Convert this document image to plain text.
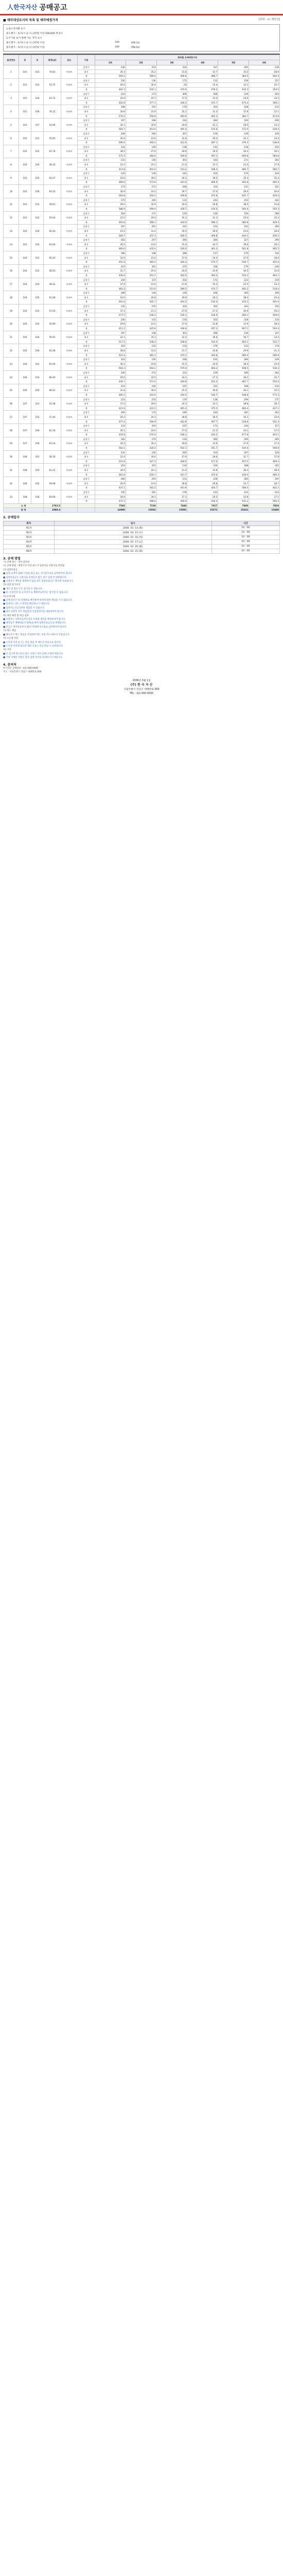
人한국자산 공매공고
■ 매각대상토지의 목록 및 매각예정가격	[단위 : ㎡, 백만원]
1.용도지역별 표시
용도별가 : 토지(시·군·구) 2만평 이상 500/400 부과시
2.주거용 토지 판매 가능 지역 표시
용도별가 : 토지(시·군·구) 2만평 이상	100	328.1㎡
용도별가 : 토지(시·군·구) 2만평 이상	200	798.0㎡
물건번호	동	호	면적(㎡)	용도	구분	회차별 공매예정가격					
						1회	2회	3회	4회	5회	6회
1	101	102	70.63	아파트	감정가	236	253	314	337	295	238
					최저	26.3	35.2	31.6	33.7	35.5	28.9
					계	500.2	580.4	406.6	486.7	384.5	504.4
2	101	103	53.72	아파트	감정가	150	136	175	132	159	157
					최저	26.6	36.4	20	35.4	33.2	20.7
					계	402.3	542.1	470.9	478.2	416.3	354.5
3	101	104	63.72	아파트	감정가	224	173	309	269	339	204
					최저	20.9	25.7	37.5	33.4	24.6	34.3
					계	452.8	577.1	436.2	472.7	475.4	396.1
4	101	106	76.22	아파트	감정가	198	255	179	303	328	214
					최저	30.8	25.9	35.1	31.3	37.8	22.1
					계	570.2	550.8	483.0	462.3	382.7	413.6
5	101	107	53.96	아파트	감정가	197	168	244	284	194	206
					최저	34.1	30.6	30.6	25.1	28.5	33.2
					계	583.7	453.6	405.4	515.6	372.0	528.4
6	102	101	55.85	아파트	감정가	256	266	307	159	149	149
					최저	30.4	23.6	32.9	29.4	32.1	24.3
					계	596.0	492.4	412.9	587.1	376.3	538.8
7	102	102	61.76	아파트	감정가	141	126	138	142	218	254
					최저	38.5	27.0	28.9	30.3	26.2	30.1
					계	570.3	484.6	569.6	497.1	409.8	584.8
8	102	104	58.16	아파트	감정가	231	146	301	183	271	302
					최저	22.5	20.2	21.4	22.1	22.4	37.8
					계	413.8	401.0	533.2	508.4	480.7	584.7
9	102	105	62.07	아파트	감정가	229	149	181	250	270	226
					최저	29.6	39.5	30.1	36.5	35.4	35.4
					계	489.6	573.9	441.9	466.9	492.6	465.0
10	102	106	64.10	아파트	감정가	173	271	290	310	131	151
					최저	30.9	33.5	39.7	27.4	29.0	30.6
					계	564.8	550.1	446.8	475.8	431.7	429.4
11	103	101	59.01	아파트	감정가	170	260	131	243	253	342
					최저	29.0	34.9	39.4	26.8	38.5	33.8
					계	588.9	499.9	439.7	476.0	565.9	550.3
12	103	102	55.64	아파트	감정가	264	172	159	230	156	289
					최저	22.0	29.9	35.1	31.3	25.0	35.3
					계	493.8	568.1	420.6	589.1	580.8	429.4
13	103	104	62.40	아파트	감정가	207	291	291	154	252	266
					최저	25.2	31.4	30.5	39.0	25.0	39.2
					계	569.7	472.3	506.5	406.8	444.1	426.5
14	103	105	63.00	아파트	감정가	302	257	280	284	327	290
					최저	36.5	23.6	25.4	34.7	39.6	39.1
					계	466.6	432.4	526.0	461.2	561.8	485.5
15	104	101	60.10	아파트	감정가	186	198	288	157	270	332
					최저	32.9	21.6	37.9	24.4	37.9	38.0
					계	451.5	465.0	440.3	575.7	540.7	425.0
16	104	102	56.63	아파트	감정가	223	301	275	336	279	246
					최저	31.7	25.4	20.9	24.9	30.5	31.6
					계	436.0	453.7	450.5	495.4	554.2	464.7
17	104	103	58.42	아파트	감정가	240	337	254	172	222	219
					최저	37.9	21.6	21.6	33.3	22.5	23.3
					계	483.3	515.6	589.5	474.7	483.2	518.4
18	104	105	61.08	아파트	감정가	289	140	239	166	260	169
					최저	33.0	26.8	39.6	28.1	38.0	29.4
					계	501.6	405.7	454.2	510.4	425.3	591.6
19	105	101	57.45	아파트	감정가	135	235	324	302	203	150
					최저	37.1	21.2	27.9	27.2	36.9	29.2
					계	577.5	546.2	536.1	516.9	566.1	594.0
20	105	102	54.89	아파트	감정가	240	143	154	163	328	216
					최저	29.8	23.2	37.6	23.8	33.9	38.5
					계	412.2	425.8	436.6	457.3	467.1	593.4
21	105	104	59.91	아파트	감정가	197	158	301	296	136	337
					최저	24.1	35.3	32.2	36.6	36.7	33.2
					계	517.5	438.3	538.6	415.0	465.1	525.7
22	105	106	62.48	아파트	감정가	302	232	154	276	233	178
					최저	38.8	31.0	21.7	33.8	29.9	21.3
					계	522.4	481.2	470.2	493.8	585.0	566.9
23	106	101	65.94	아파트	감정가	322	156	168	193	280	249
					최저	36.1	20.8	25.5	34.0	38.4	24.9
					계	504.3	564.2	579.4	464.2	548.5	536.3
24	106	103	66.40	아파트	감정가	340	272	312	229	180	282
					최저	29.5	32.5	34.3	27.3	36.2	25.7
					계	434.7	571.4	426.6	522.4	487.7	550.4
25	106	105	60.22	아파트	감정가	210	164	167	331	198	234
					최저	31.8	36.4	25.4	39.0	30.1	32.1
					계	495.2	416.4	434.5	546.7	548.8	575.3
26	107	101	55.58	아파트	감정가	223	231	179	138	299	171
					최저	37.0	28.9	34.3	33.1	38.8	38.7
					계	421.9	431.5	465.3	475.5	484.4	427.1
27	107	102	57.46	아파트	감정가	269	174	189	184	281	302
					최저	26.5	20.3	38.8	36.5	35.1	33.6
					계	477.4	594.9	442.8	497.7	528.8	551.4
28	107	104	61.30	아파트	감정가	233	319	187	173	244	317
					최저	26.1	24.0	27.0	21.2	34.1	37.5
					계	429.8	574.4	548.1	410.2	477.6	403.1
29	107	106	63.54	아파트	감정가	182	279	134	285	265	285
					최저	34.5	36.3	26.6	33.6	37.6	37.4
					계	562.1	420.2	554.1	451.7	544.0	590.9
30	108	101	58.30	아파트	감정가	231	156	265	333	207	328
					최저	32.0	30.6	27.9	28.6	31.7	37.8
					계	515.8	427.3	428.5	577.0	457.5	469.3
31	108	103	61.22	아파트	감정가	203	315	134	330	188	165
					최저	34.9	24.1	21.4	33.8	36.4	38.9
					계	561.8	528.7	421.7	474.0	430.0	489.3
32	108	105	59.08	아파트	감정가	306	293	153	226	285	197
					최저	26.9	23.9	36.8	29.8	24.7	36.7
					계	437.2	581.5	441.9	420.7	506.4	442.2
33	108	106	64.66	아파트	감정가	150	281	178	143	143	224
					최저	28.9	39.3	37.1	20.3	22.8	27.1
					계	472.1	488.6	494.0	416.3	531.2	560.5
소 계			1763.5			7543	7218	7446	7617	7690	7826
합 계			1989.4			14880	15002	15091	15372	15422	15480
2. 공매일자
회차	일시	시간
제1차	2006. 03. 14.(화)	10 : 00
제2차	2006. 03. 15.(수)	10 : 00
제3차	2006. 03. 16.(목)	10 : 00
제4차	2006. 03. 17.(금)	10 : 00
제5차	2006. 03. 20.(월)	10 : 00
제6차	2006. 03. 21.(화)	10 : 00
3. 공매 방법

가) 공매 장소 : 당사 회의실

나) 공매 방법 : 예정가격 이상 최고가 입찰자를 낙찰자로 결정함

다) 입찰보증금

■ 입찰 금액의 10% 이상을 현금 또는 자기앞수표로 납부하여야 합니다.

■ 입찰보증금은 낙찰자로 결정되지 않은 경우 입찰 후 반환합니다.

■ 낙찰자가 계약을 체결하지 않을 경우 입찰보증금은 당사에 귀속됩니다.

라) 입찰 참가자격

■ 개인 및 법인 모두 참가할 수 있습니다.

■ 단, 미성년자 및 금치산자 등 행위무능력자는 참가할 수 없습니다.

마) 유의사항

■ 공매 물건은 현 상태대로 매각하며 하자에 대한 책임을 지지 않습니다.

■ 입찰자는 반드시 현장을 확인하시기 바랍니다.

■ 입찰서는 1인 1부만 제출할 수 있습니다.

■ 대리 입찰의 경우 위임장과 인감증명서를 제출하여야 합니다.

바) 계약 체결 및 대금 납부

■ 낙찰자는 낙찰일로부터 5일 이내에 계약을 체결하여야 합니다.

■ 계약금은 매매대금의 10%로 하며 입찰보증금으로 대체합니다.

■ 잔금은 계약일로부터 30일 이내에 일시불로 납부하여야 합니다.

사) 명도 책임

■ 매수자가 명도 책임을 부담하며 명도 비용 역시 매수자 부담입니다.

아) 소유권 이전

■ 소유권 이전 등기는 잔금 완납 후 매수자 비용으로 합니다.

■ 소유권 이전에 필요한 제반 서류는 잔금 완납 시 교부합니다.

자) 기타

■ 본 공고에 명시되지 않은 사항은 당사 공매 규정에 따릅니다.

■ 기타 자세한 사항은 당사 담당 부서로 문의하시기 바랍니다.

4. 문의처

한국자산 공매담당 : 02) 000-0000

주소 : 서울특별시 강남구 테헤란로 000

2006년 3월 1일
(주) 한 국 자 산
서울특별시 강남구 테헤란로 000
TEL : 02) 000-0000
